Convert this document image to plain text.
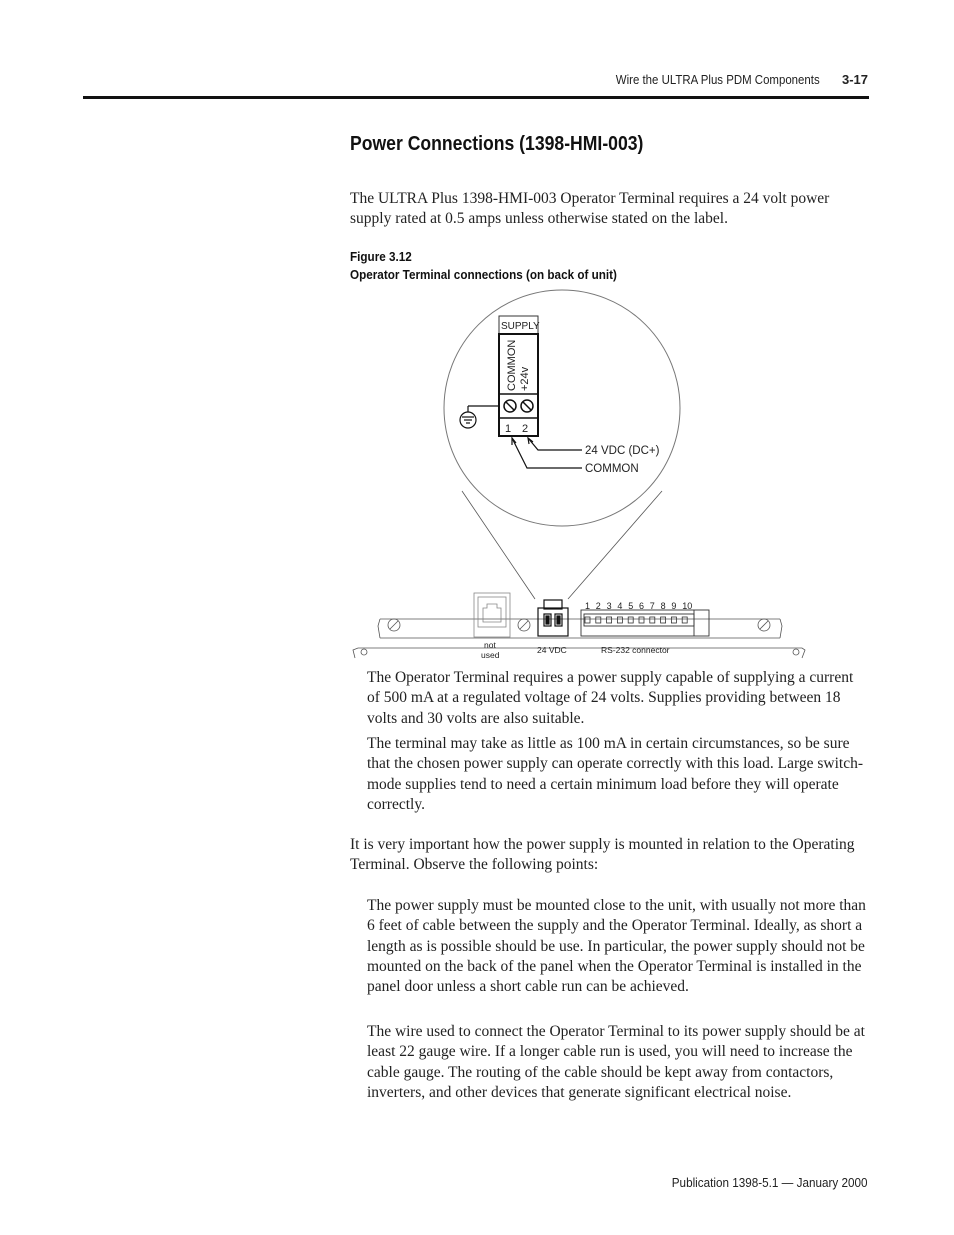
Wire the ULTRA Plus PDM Components 3-17
Power Connections (1398-HMI-003)

The ULTRA Plus 1398-HMI-003 Operator Terminal requires a 24 volt power supply rated at 0.5 amps unless otherwise stated on the label.

Figure 3.12
Operator Terminal connections (on back of unit)
SUPPLY
COMMON +24v
1 2
24 VDC (DC+)
COMMON
not
used	24 VDC
1 2 3 4 5 6 7 8 9 10
RS-232 connector

The Operator Terminal requires a power supply capable of supplying a current of 500 mA at a regulated voltage of 24 volts. Supplies providing between 18 volts and 30 volts are also suitable.

The terminal may take as little as 100 mA in certain circumstances, so be sure that the chosen power supply can operate correctly with this load. Large switch-mode supplies tend to need a certain minimum load before they will operate correctly.

It is very important how the power supply is mounted in relation to the Operating Terminal. Observe the following points:

The power supply must be mounted close to the unit, with usually not more than 6 feet of cable between the supply and the Operator Terminal. Ideally, as short a length as is possible should be use. In particular, the power supply should not be mounted on the back of the panel when the Operator Terminal is installed in the panel door unless a short cable run can be achieved.

The wire used to connect the Operator Terminal to its power supply should be at least 22 gauge wire. If a longer cable run is used, you will need to increase the cable gauge. The routing of the cable should be kept away from contactors, inverters, and other devices that generate significant electrical noise.

Publication 1398-5.1 — January 2000
